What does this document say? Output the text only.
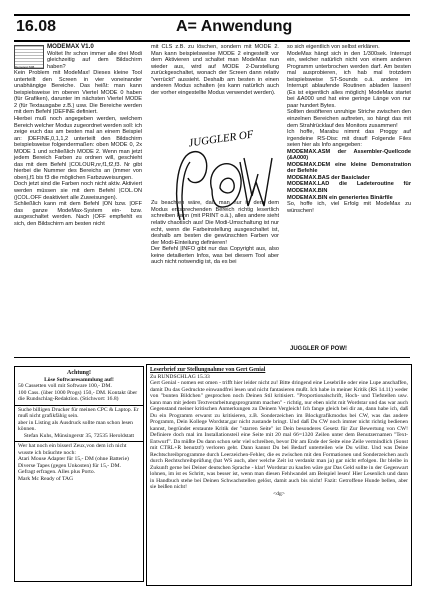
16.08	A= Anwendung
Demotext TAB

MODEMAX V1.0

Woltet Ihr schon immer alle drei Modi gleichzeitig auf dem Bildschirm haben?

Kein Problem mit ModeMax! Dieses kleine Tool unterteilt den Screen in vier voneinander unabhängige Bereiche. Das heißt: man kann beispielsweise im oberen Viertel MODE 0 haben (für Grafiken), darunter im nächsten Viertel MODE 2 (für Textausgabe z.B.) usw. Die Bereiche werden mit dem Befehl |DEFINE definiert.

Hierbei muß noch angegeben werden, welchem Bereich welcher Modus zugeordnet werden soll: ich zeige euch das am besten mal an einem Beispiel an: |DEFINE,0,1,1,2 unterteilt den Bildschirm beispielsweise folgendermaßen: oben MODE 0, 2x MODE 1 und schließlich MODE 2. Wenn man jetzt jedem Bereich Farben zu ordnen will, geschieht das mit dem Befehl |COLOUR,nr,f1,f2,f3. Nr gibt hierbei die Nummer des Bereichs an (immer von oben),f1 bis f3 die möglichen Farbzuweisungen.

Doch jetzt sind die Farben noch nicht aktiv. Aktiviert werden müssen sie mit dem Befehl |COL.ON (|COL.OFF deaktiviert alle Zuweisungen).

Schließlich kann mit dem Befehl |ON bzw. |OFF das ganze ModeMax-System ein- bzw. ausgeschaltet werden. Nach |OFF empfiehlt es sich, den Bildschirm am besten nicht

mit CLS z.B. zu löschen, sondern mit MODE 2. Man kann beispielsweise MODE 2 eingestellt vor dem Aktivieren und schaltet man ModeMax nun wieder aus, wird auf MODE 2-Darstellung zurückgeschaltet, wonach der Screen dann relativ "verrückt" aussieht. Deshalb am besten in einen anderen Modus schalten (es kann natürlich auch der vorher eingestellte Modus verwendet werden).

Zu beachten wäre, daß man nur in dem dem Modus entsprechenden Bereich richtig lesertlich schreiben kann (mit PRINT o.ä.), alles andere sieht relativ chaotisch aus! Die Modi-Umschaltung ist nur echt, wenn die Farbeinstellung ausgeschaltet ist, deshalb am besten die gewünschten Farben vor der Modi-Einteilung definieren!

Der Befehl |INFO gibt nur das Copyright aus, also keine detailierten Infos, was bei diesem Tool aber auch nicht notwendig ist, da es bei

JUGGLER OF

so sich eigentlich von selbst erklären.

ModeMax hängt sich in den 1/300sek. Interrupt ein, welcher natürlich nicht von einem anderen Programm unterbrochen werden darf. Am besten mal ausprobieren, ich hab mal trotzdem beispielsweise ST-Sounds o.ä. andere im Interrupt ablaufende Routinen abladen lassen! (Es ist eigentlich alles möglich) ModeMax startet bei &A000 und hat eine geringe Länge von nur paar hundert Bytes.

Sollten desöfteren unruhige Striche zwischen den einzelnen Bereichen auftreten, so hängt das mit dem Strahlrücklauf des Monitors zusammen!

Ich hoffe, Marabu nimmt das Proggy auf irgendeine RS-Disc mit drauf! Folgende Files seien hier als Info angegeben:

MODEMAX.ASM der Assembler-Quellcode (&A000)

MODEMAX.DEM eine kleine Demonstration der Befehle

MODEMAX.BAS der Basiclader

MODEMAX.LAD die Ladeteroutine für MODEMAX.BIN

MODEMAX.BIN ein generiertes Binärfile

So, hoffe ich, viel Erfolg mit ModeMax zu wünschen!

JUGGLER OF POW!

Achtung!

Löse Softwaresammlung auf!

50 Cassetten voll mit Software 100,- DM.

100 Cass. (über 1000 Progs) 150,- DM. Kontakt über die Rundschlag-Redaktion. (Stichwort: 16.8)

Suche billigen Drucker für meinen CPC & Laptop. Er muß nicht grafikfähig sein.

aber in Listing als Ausdruck sollte man schon lesen können.

Stefan Kuhs, Münsingerstr 35, 72535 Heroldstatt

Wer hat noch ein bisserl Zeux,von dem ich nicht wusste ich bräuchte noch:

Atari Mouse Adapter für 15,- DM (ohne Batterie) Diverse Tapes (gegen Unkosten) für 15,- DM.

Gefragt erfragen. Alles plus Porto.

Mark Mc Ready of TAG

Leserbrief zur Stellungnahme von Gert Genial

Zu RUNDSCHLAG 15.33

Gert Genial - nomen est omen - trifft hier leider nicht zu! Bitte dringend eine Lesebrille oder eine Lupe anschaffen, damit Du das Gedruckte einwandfrei lesen und nicht fantasieren mußt. Ich habe in meiner Kritik (RS 14.11) weder von "bunten Bildchen" gesprochen noch Deinen Stil kritisiert. "Proportionalschrift, Hoch- und Tiefstellen usw. kann man mit jedem Textverarbeitungsprogramm machen" - richtig, nur eben nicht mit Wordstar und das war auch Gegenstand meiner kritischen Anmerkungen zu Deinem Vergleich! Ich fange gleich bei dir an, dann habe ich, daß Du ein Programm erwarst zu kritisieren, z.B. Sonderzeichen im Blockgrafikmodus bei CW, was das andere Programm, Dein Kollege Wordstar,gar nicht zustande bringt. Und daß Du CW noch immer nicht richtig bedienen kannst, begründet erstaunte Kritik der "starren Seite" ist Dein besonderes Gesetz für Zur Bewertung von CW! Definiere doch mal im Installationsteil eine Seite mit 20 mal 66=1320 Zeilen unter dem Benutzernamen "Text-Entwurf". Da müßte Du dann schon sehr viel schreiben, bevor Dir am Ende der Seite eine Zeile vermindlich (Sonst mit CTRL+R benutzt!) verloren geht. Dann kannst Du bei Bedarf unterteilen wie Du willst. Und was Deine Rechtschreibprogramme durch Leerzeichen-Fehler, die es zwischen mit den Formationen und Sonderzeichen auch durch Rechtschreibprüfung (hat WS auch, aber welche Zeit ist verdankt man ja) gar nicht erfolgen. Ihr bleibe in Zukunft gerne bei Deiner deutschen Sprache - klar! Wordstar zu kaufen wäre gar Das Geld sollte in der Gegenwart lohnen, im ist es Schritt, was besser ist, wenn man diesen Fehlwandel am Beispiel lesen! Hier Lesenlich und dann in Handbuch stehe bei Deinen Schwachstellen gelöst, damit auch bis nicht! Fazit: Getroffene Hunde bellen, aber sie beißen nicht!

<dg>
